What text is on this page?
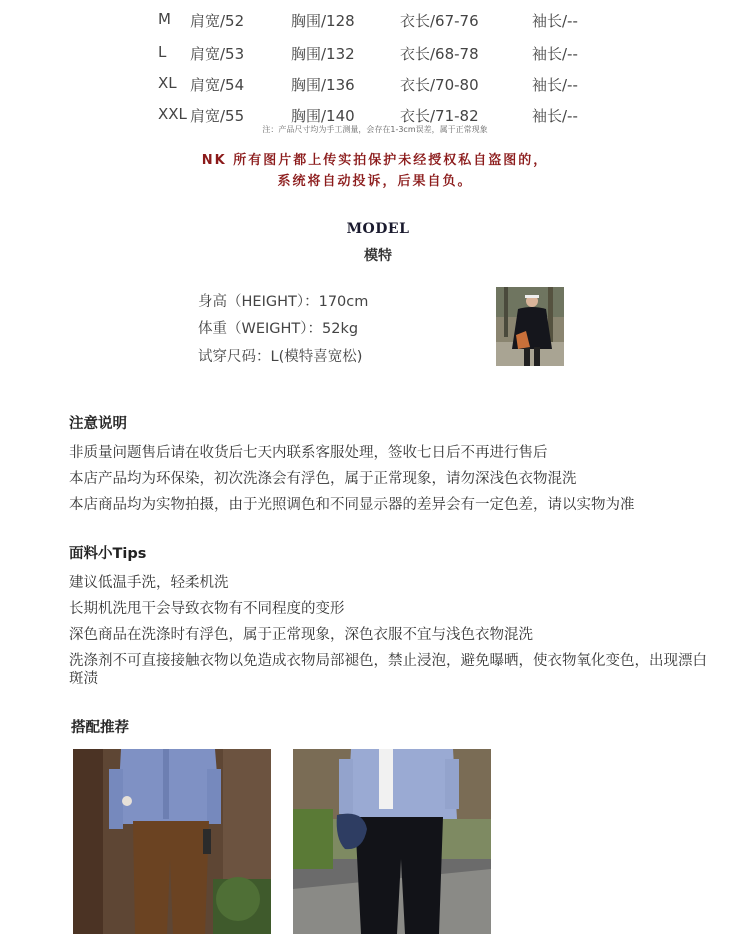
M 肩宽/52	胸围/128	衣长/67-76	袖长/--
L 肩宽/53	胸围/132	衣长/68-78	袖长/--
XL 肩宽/54	胸围/136	衣长/70-80	袖长/--
XXL 肩宽/55	胸围/140	衣长/71-82	袖长/--
注：产品尺寸均为手工测量，会存在1-3cm误差，属于正常现象
NK 所有图片都上传实拍保护未经授权私自盗图的，
系统将自动投诉，后果自负。
MODEL
模特
身高（HEIGHT）：170cm
体重（WEIGHT）：52kg
试穿尺码：L(模特喜宽松)
注意说明
非质量问题售后请在收货后七天内联系客服处理，签收七日后不再进行售后
本店产品均为环保染，初次洗涤会有浮色，属于正常现象，请勿深浅色衣物混洗
本店商品均为实物拍摄，由于光照调色和不同显示器的差异会有一定色差，请以实物为准
面料小Tips
建议低温手洗，轻柔机洗
长期机洗甩干会导致衣物有不同程度的变形
深色商品在洗涤时有浮色，属于正常现象，深色衣服不宜与浅色衣物混洗
洗涤剂不可直接接触衣物以免造成衣物局部褪色，禁止浸泡，避免曝晒，使衣物氧化变色，出现漂白斑渍
搭配推荐
